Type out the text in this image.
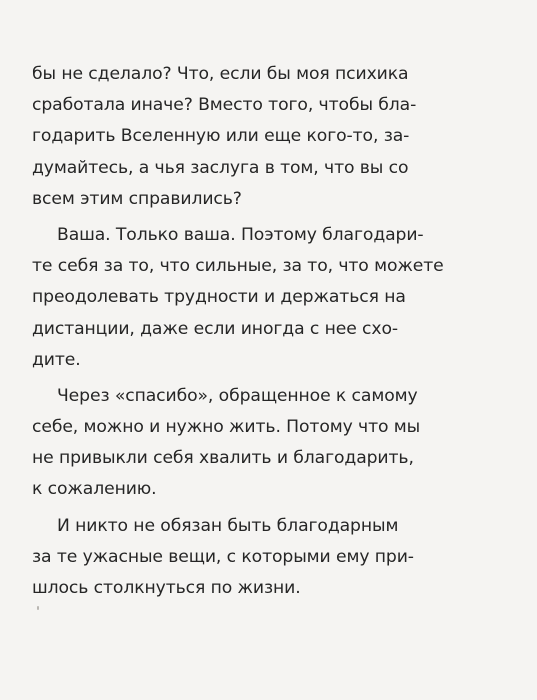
бы не сделало? Что, если бы моя психика
сработала иначе? Вместо того, чтобы бла-
годарить Вселенную или еще кого-то, за-
думайтесь, а чья заслуга в том, что вы со
всем этим справились?
Ваша. Только ваша. Поэтому благодари-
те себя за то, что сильные, за то, что можете
преодолевать трудности и держаться на
дистанции, даже если иногда с нее схо-
дите.
Через «спасибо», обращенное к самому
себе, можно и нужно жить. Потому что мы
не привыкли себя хвалить и благодарить,
к сожалению.
И никто не обязан быть благодарным
за те ужасные вещи, с которыми ему при-
шлось столкнуться по жизни.
